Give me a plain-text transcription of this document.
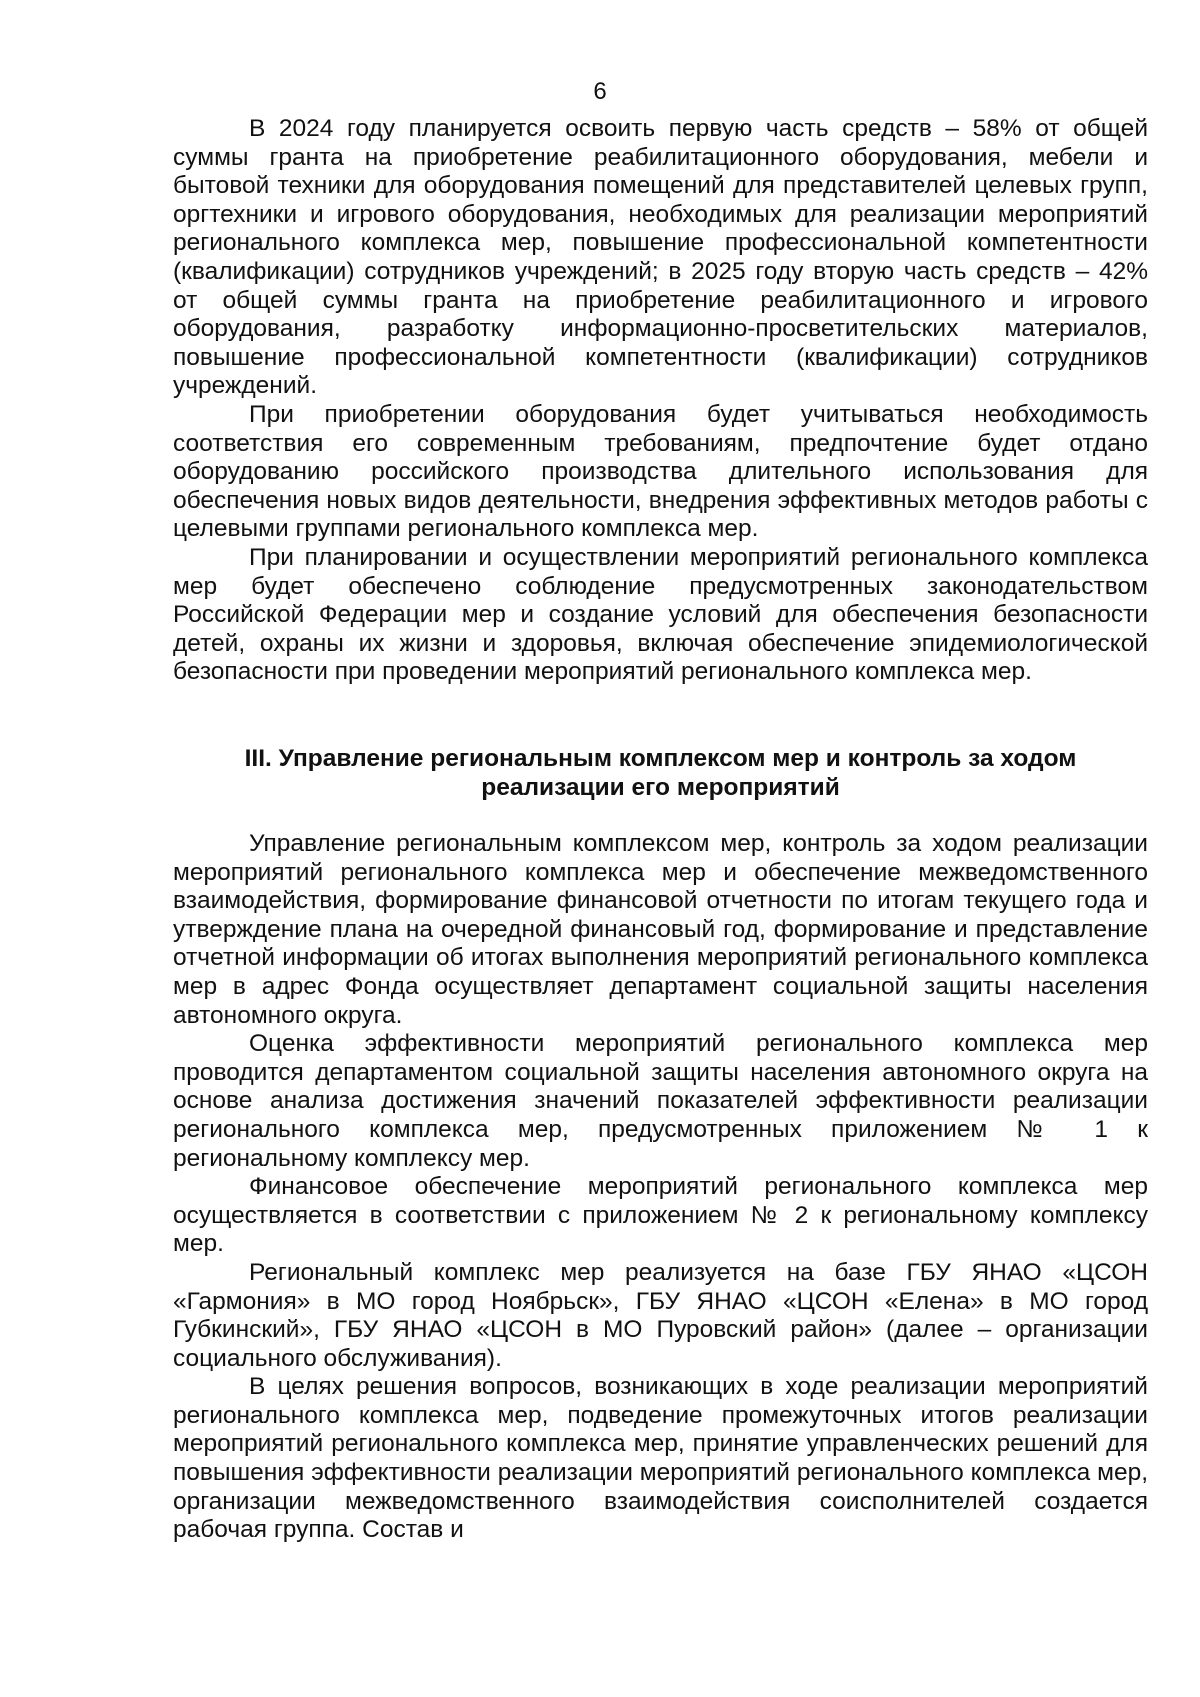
6

В 2024 году планируется освоить первую часть средств – 58% от общей суммы гранта на приобретение реабилитационного оборудования, мебели и бытовой техники для оборудования помещений для представителей целевых групп, оргтехники и игрового оборудования, необходимых для реализации мероприятий регионального комплекса мер, повышение профессиональной компетентности (квалификации) сотрудников учреждений; в 2025 году вторую часть средств – 42% от общей суммы гранта на приобретение реабилитационного и игрового оборудования, разработку информационно-просветительских материалов, повышение профессиональной компетентности (квалификации) сотрудников учреждений.

При приобретении оборудования будет учитываться необходимость соответствия его современным требованиям, предпочтение будет отдано оборудованию российского производства длительного использования для обеспечения новых видов деятельности, внедрения эффективных методов работы с целевыми группами регионального комплекса мер.

При планировании и осуществлении мероприятий регионального комплекса мер будет обеспечено соблюдение предусмотренных законодательством Российской Федерации мер и создание условий для обеспечения безопасности детей, охраны их жизни и здоровья, включая обеспечение эпидемиологической безопасности при проведении мероприятий регионального комплекса мер.

III. Управление региональным комплексом мер и контроль за ходом
реализации его мероприятий

Управление региональным комплексом мер, контроль за ходом реализации мероприятий регионального комплекса мер и обеспечение межведомственного взаимодействия, формирование финансовой отчетности по итогам текущего года и утверждение плана на очередной финансовый год, формирование и представление отчетной информации об итогах выполнения мероприятий регионального комплекса мер в адрес Фонда осуществляет департамент социальной защиты населения автономного округа.

Оценка эффективности мероприятий регионального комплекса мер проводится департаментом социальной защиты населения автономного округа на основе анализа достижения значений показателей эффективности реализации регионального комплекса мер, предусмотренных приложением № 1 к региональному комплексу мер.

Финансовое обеспечение мероприятий регионального комплекса мер осуществляется в соответствии с приложением № 2 к региональному комплексу мер.

Региональный комплекс мер реализуется на базе ГБУ ЯНАО «ЦСОН «Гармония» в МО город Ноябрьск», ГБУ ЯНАО «ЦСОН «Елена» в МО город Губкинский», ГБУ ЯНАО «ЦСОН в МО Пуровский район» (далее – организации социального обслуживания).

В целях решения вопросов, возникающих в ходе реализации мероприятий регионального комплекса мер, подведение промежуточных итогов реализации мероприятий регионального комплекса мер, принятие управленческих решений для повышения эффективности реализации мероприятий регионального комплекса мер, организации межведомственного взаимодействия соисполнителей создается рабочая группа. Состав и
